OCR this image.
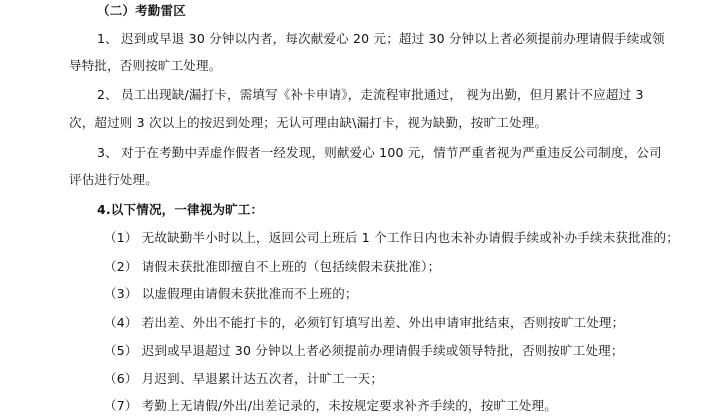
（二）考勤雷区
1、 迟到或早退 30 分钟以内者，每次献爱心 20 元；超过 30 分钟以上者必须提前办理请假手续或领
导特批，否则按旷工处理。
2、 员工出现缺/漏打卡，需填写《补卡申请》，走流程审批通过， 视为出勤，但月累计不应超过 3
次，超过则 3 次以上的按迟到处理；无认可理由缺\漏打卡，视为缺勤，按旷工处理。
3、 对于在考勤中弄虚作假者一经发现，则献爱心 100 元，情节严重者视为严重违反公司制度，公司
评估进行处理。
4.以下情况，一律视为旷工：
（1） 无故缺勤半小时以上，返回公司上班后 1 个工作日内也未补办请假手续或补办手续未获批准的；
（2） 请假未获批准即擅自不上班的（包括续假未获批准）；
（3） 以虚假理由请假未获批准而不上班的；
（4） 若出差、外出不能打卡的，必须钉钉填写出差、外出申请审批结束，否则按旷工处理；
（5） 迟到或早退超过 30 分钟以上者必须提前办理请假手续或领导特批，否则按旷工处理；
（6） 月迟到、早退累计达五次者，计旷工一天；
（7） 考勤上无请假/外出/出差记录的，未按规定要求补齐手续的，按旷工处理。
